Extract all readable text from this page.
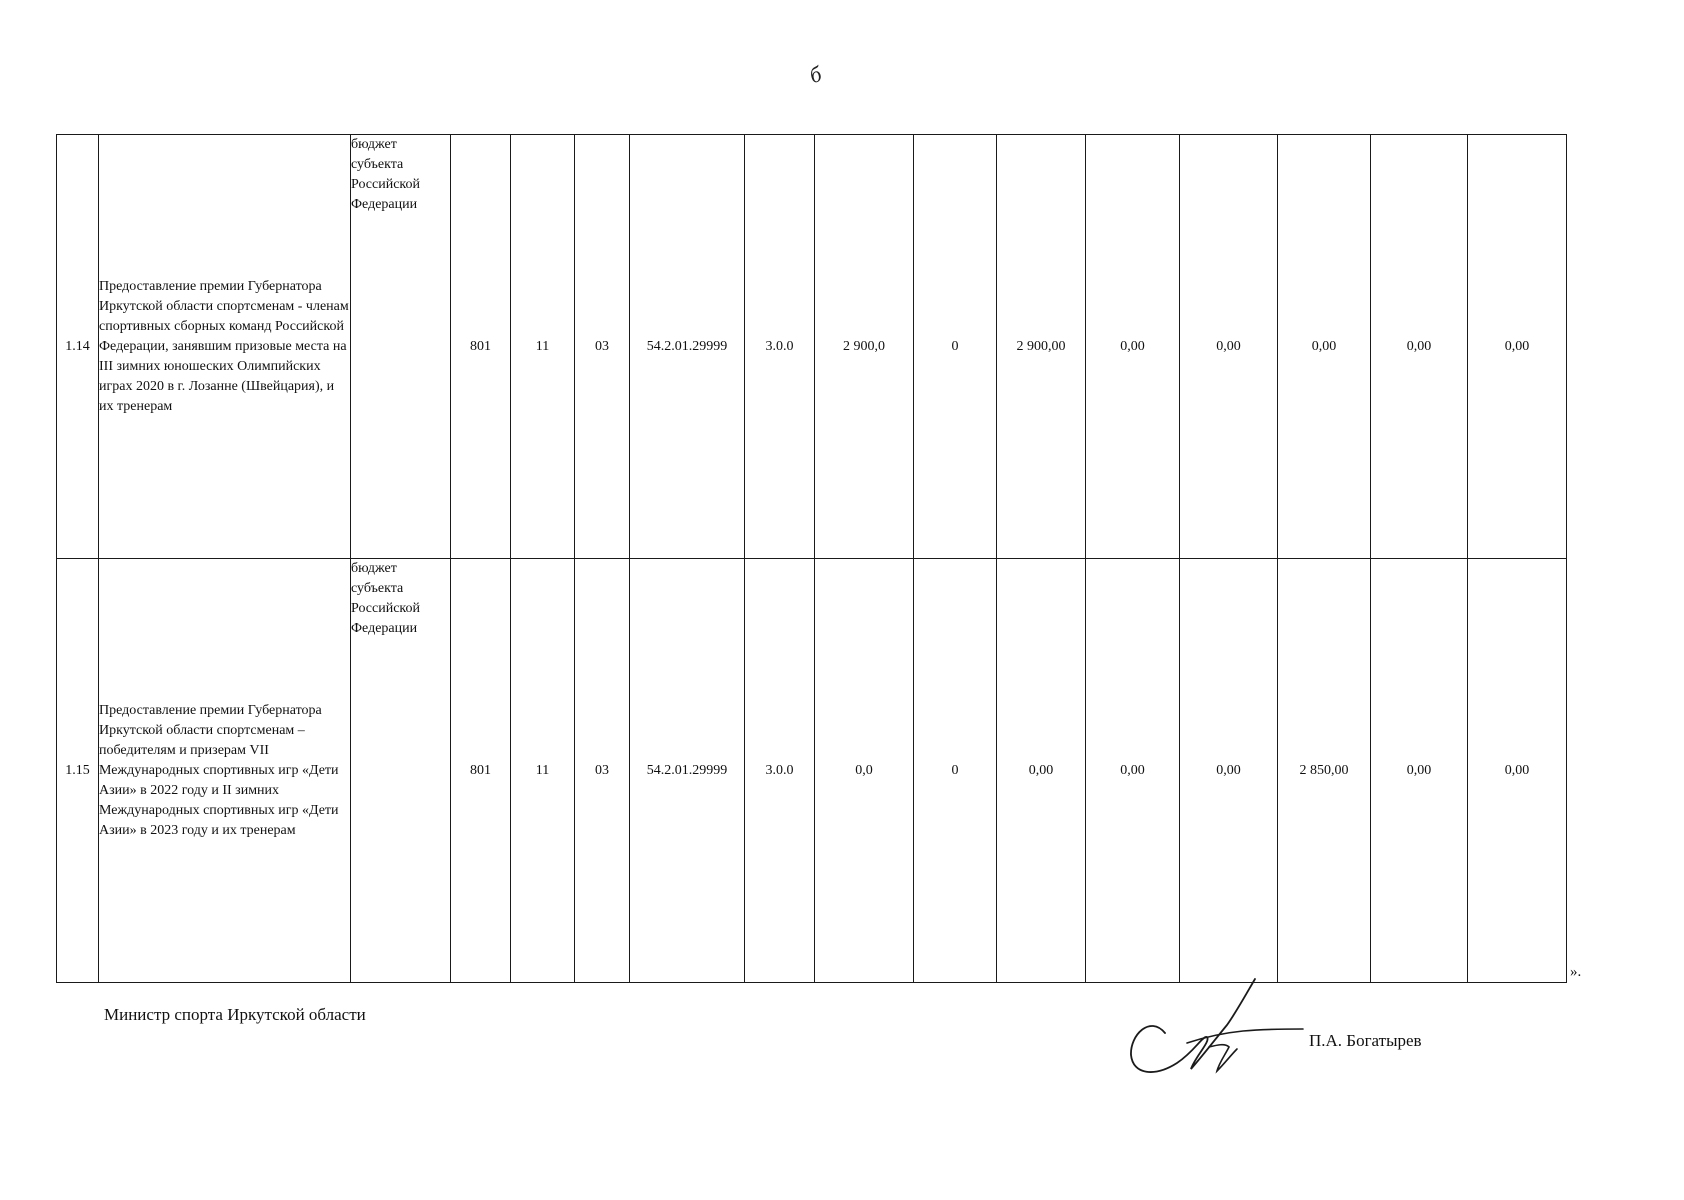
б
1.14	Предоставление премии Губернатора Иркутской области спортсменам - членам спортивных сборных команд Российской Федерации, занявшим призовые места на III зимних юношеских Олимпийских играх 2020 в г. Лозанне (Швейцария), и их тренерам	бюджет субъекта Российской Федерации	801	11	03	54.2.01.29999	3.0.0	2 900,0	0	2 900,00	0,00	0,00	0,00	0,00	0,00
1.15	Предоставление премии Губернатора Иркутской области спортсменам – победителям и призерам VII Международных спортивных игр «Дети Азии» в 2022 году и II зимних Международных спортивных игр «Дети Азии» в 2023 году и их тренерам	бюджет субъекта Российской Федерации	801	11	03	54.2.01.29999	3.0.0	0,0	0	0,00	0,00	0,00	2 850,00	0,00	0,00
».
Министр спорта Иркутской области
П.А. Богатырев
